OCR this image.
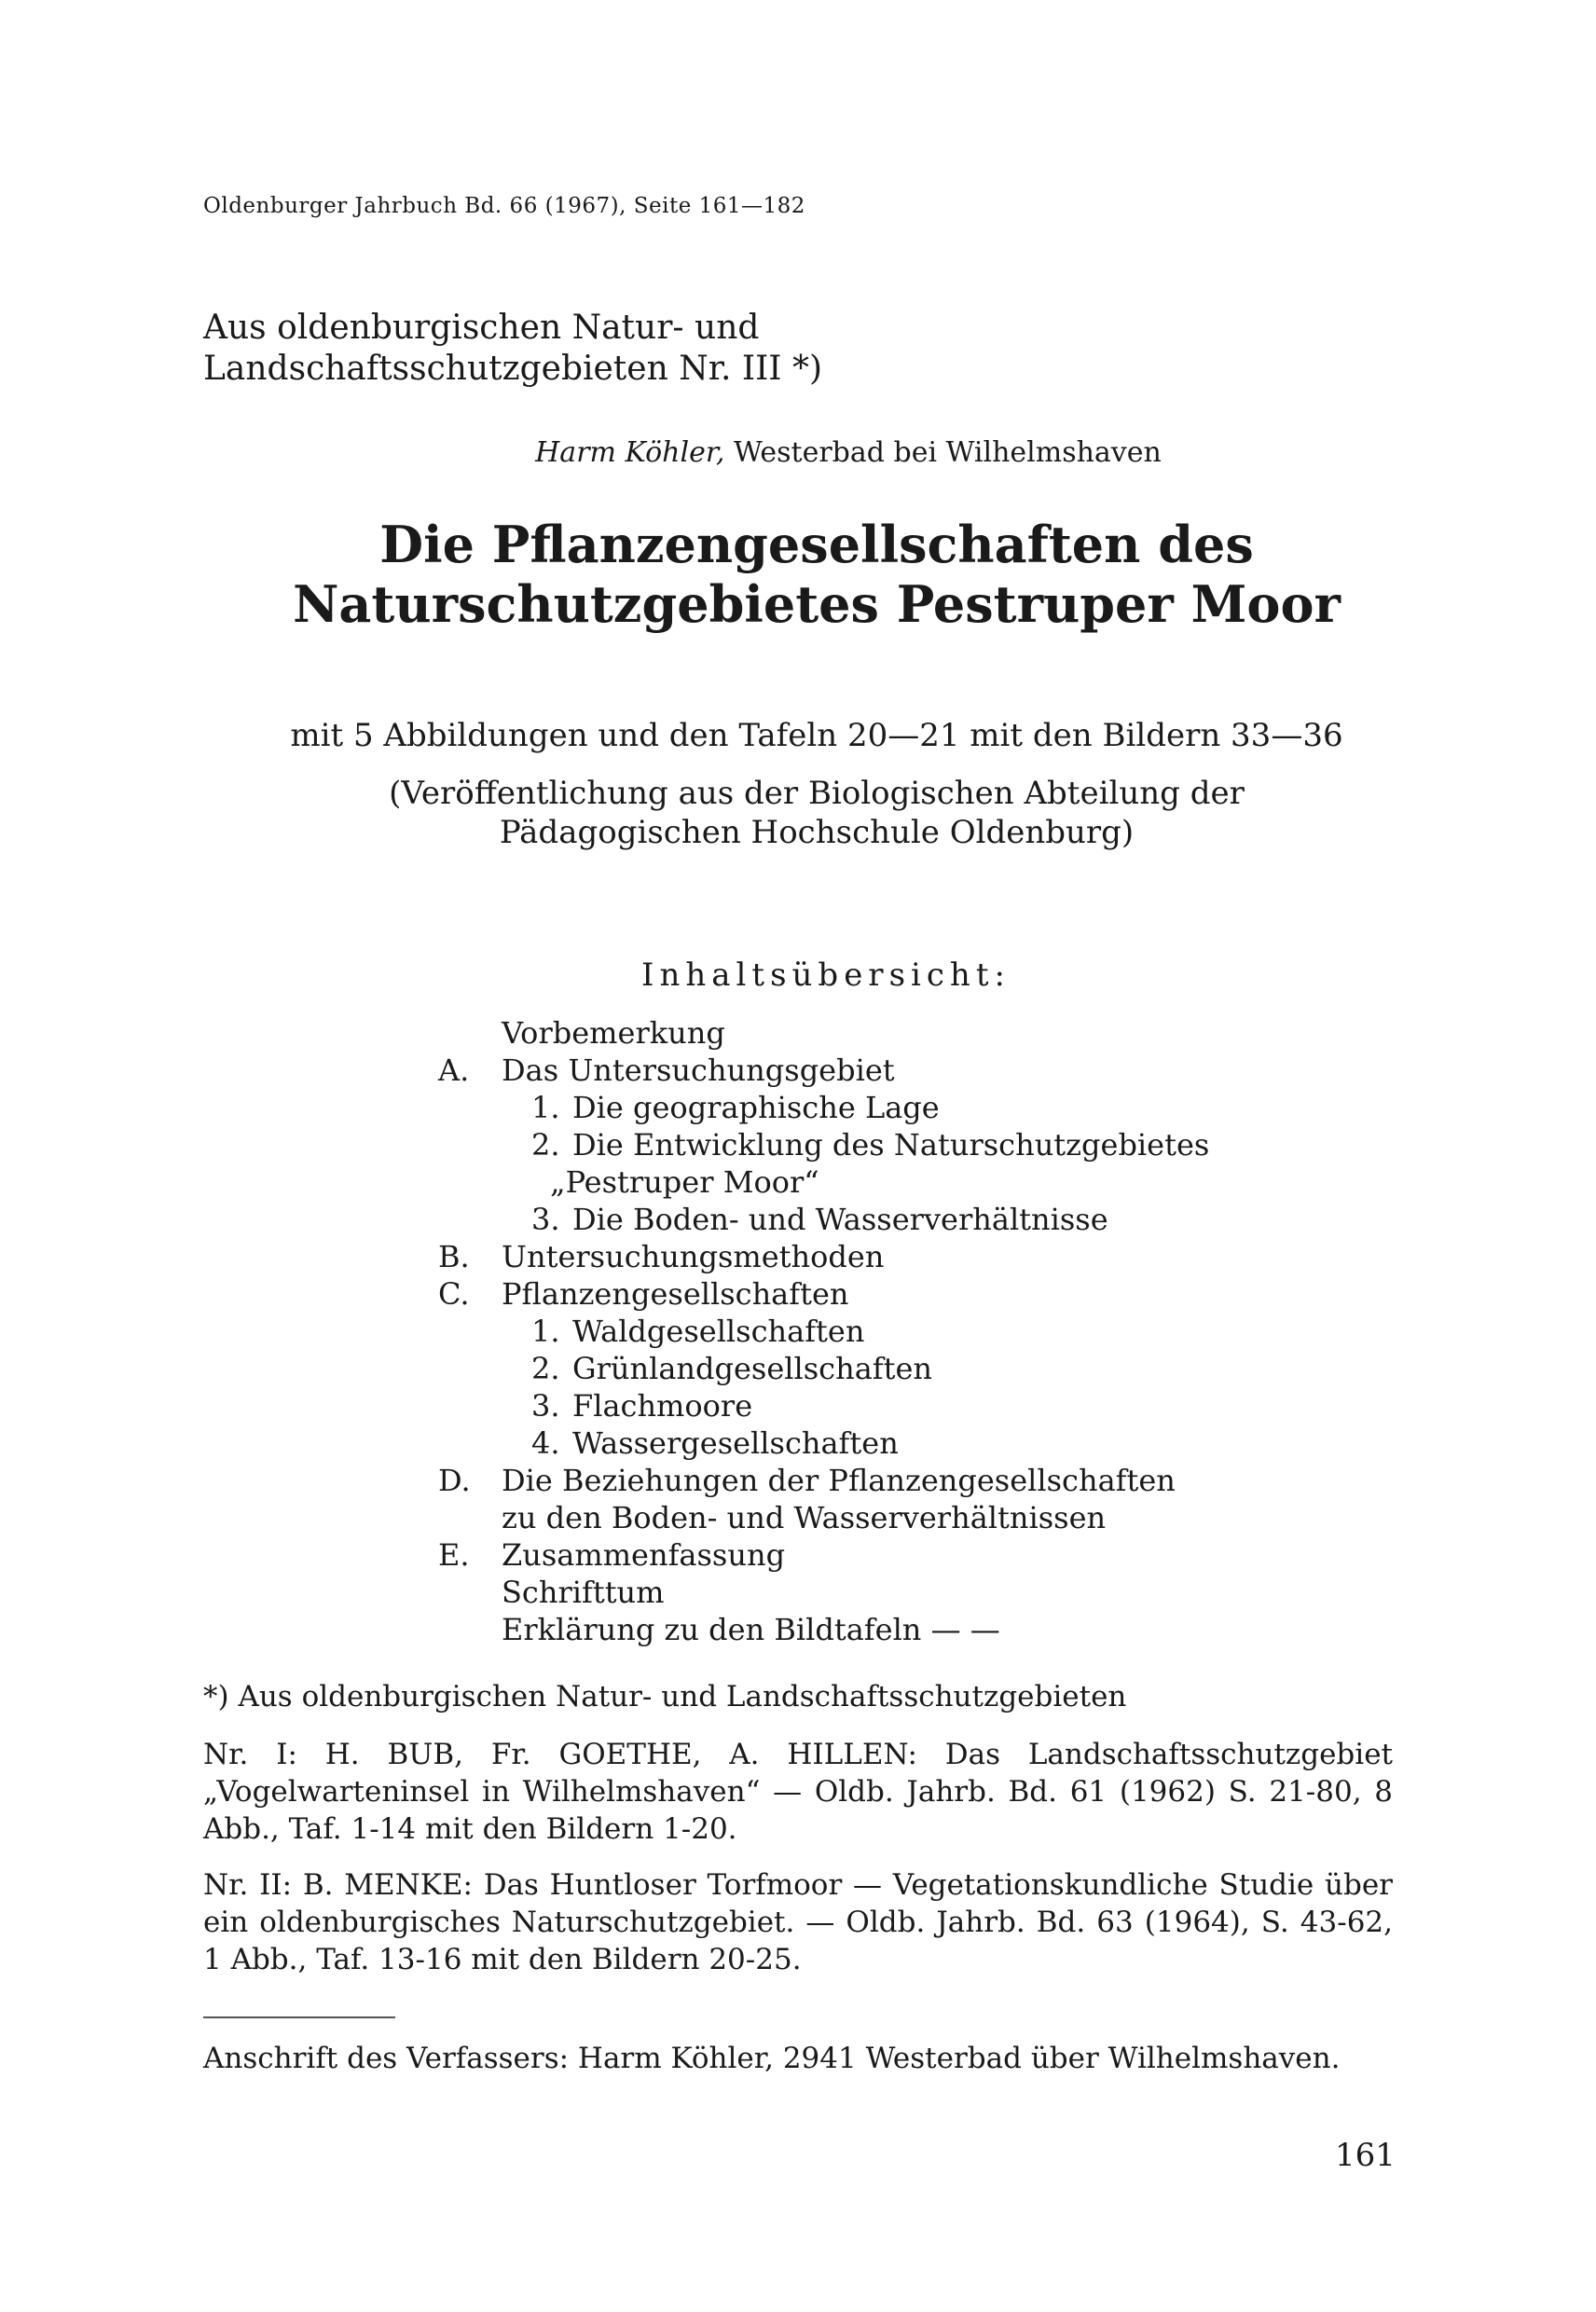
Oldenburger Jahrbuch Bd. 66 (1967), Seite 161—182
Aus oldenburgischen Natur- und
Landschaftsschutzgebieten Nr. III *)
Harm Köhler, Westerbad bei Wilhelmshaven
Die Pflanzengesellschaften des
Naturschutzgebietes Pestruper Moor
mit 5 Abbildungen und den Tafeln 20—21 mit den Bildern 33—36
(Veröffentlichung aus der Biologischen Abteilung der
Pädagogischen Hochschule Oldenburg)
Inhaltsübersicht:
Vorbemerkung
A. Das Untersuchungsgebiet
1. Die geographische Lage
2. Die Entwicklung des Naturschutzgebietes
„Pestruper Moor“
3. Die Boden- und Wasserverhältnisse
B. Untersuchungsmethoden
C. Pflanzengesellschaften
1. Waldgesellschaften
2. Grünlandgesellschaften
3. Flachmoore
4. Wassergesellschaften
D. Die Beziehungen der Pflanzengesellschaften
zu den Boden- und Wasserverhältnissen
E. Zusammenfassung
Schrifttum
Erklärung zu den Bildtafeln — —
*) Aus oldenburgischen Natur- und Landschaftsschutzgebieten
Nr. I: H. BUB, Fr. GOETHE, A. HILLEN: Das Landschaftsschutzgebiet „Vogelwarteninsel in Wilhelmshaven“ — Oldb. Jahrb. Bd. 61 (1962) S. 21-80, 8 Abb., Taf. 1-14 mit den Bildern 1-20.
Nr. II: B. MENKE: Das Huntloser Torfmoor — Vegetationskundliche Studie über ein oldenburgisches Naturschutzgebiet. — Oldb. Jahrb. Bd. 63 (1964), S. 43-62, 1 Abb., Taf. 13-16 mit den Bildern 20-25.
Anschrift des Verfassers: Harm Köhler, 2941 Westerbad über Wilhelmshaven.
161
